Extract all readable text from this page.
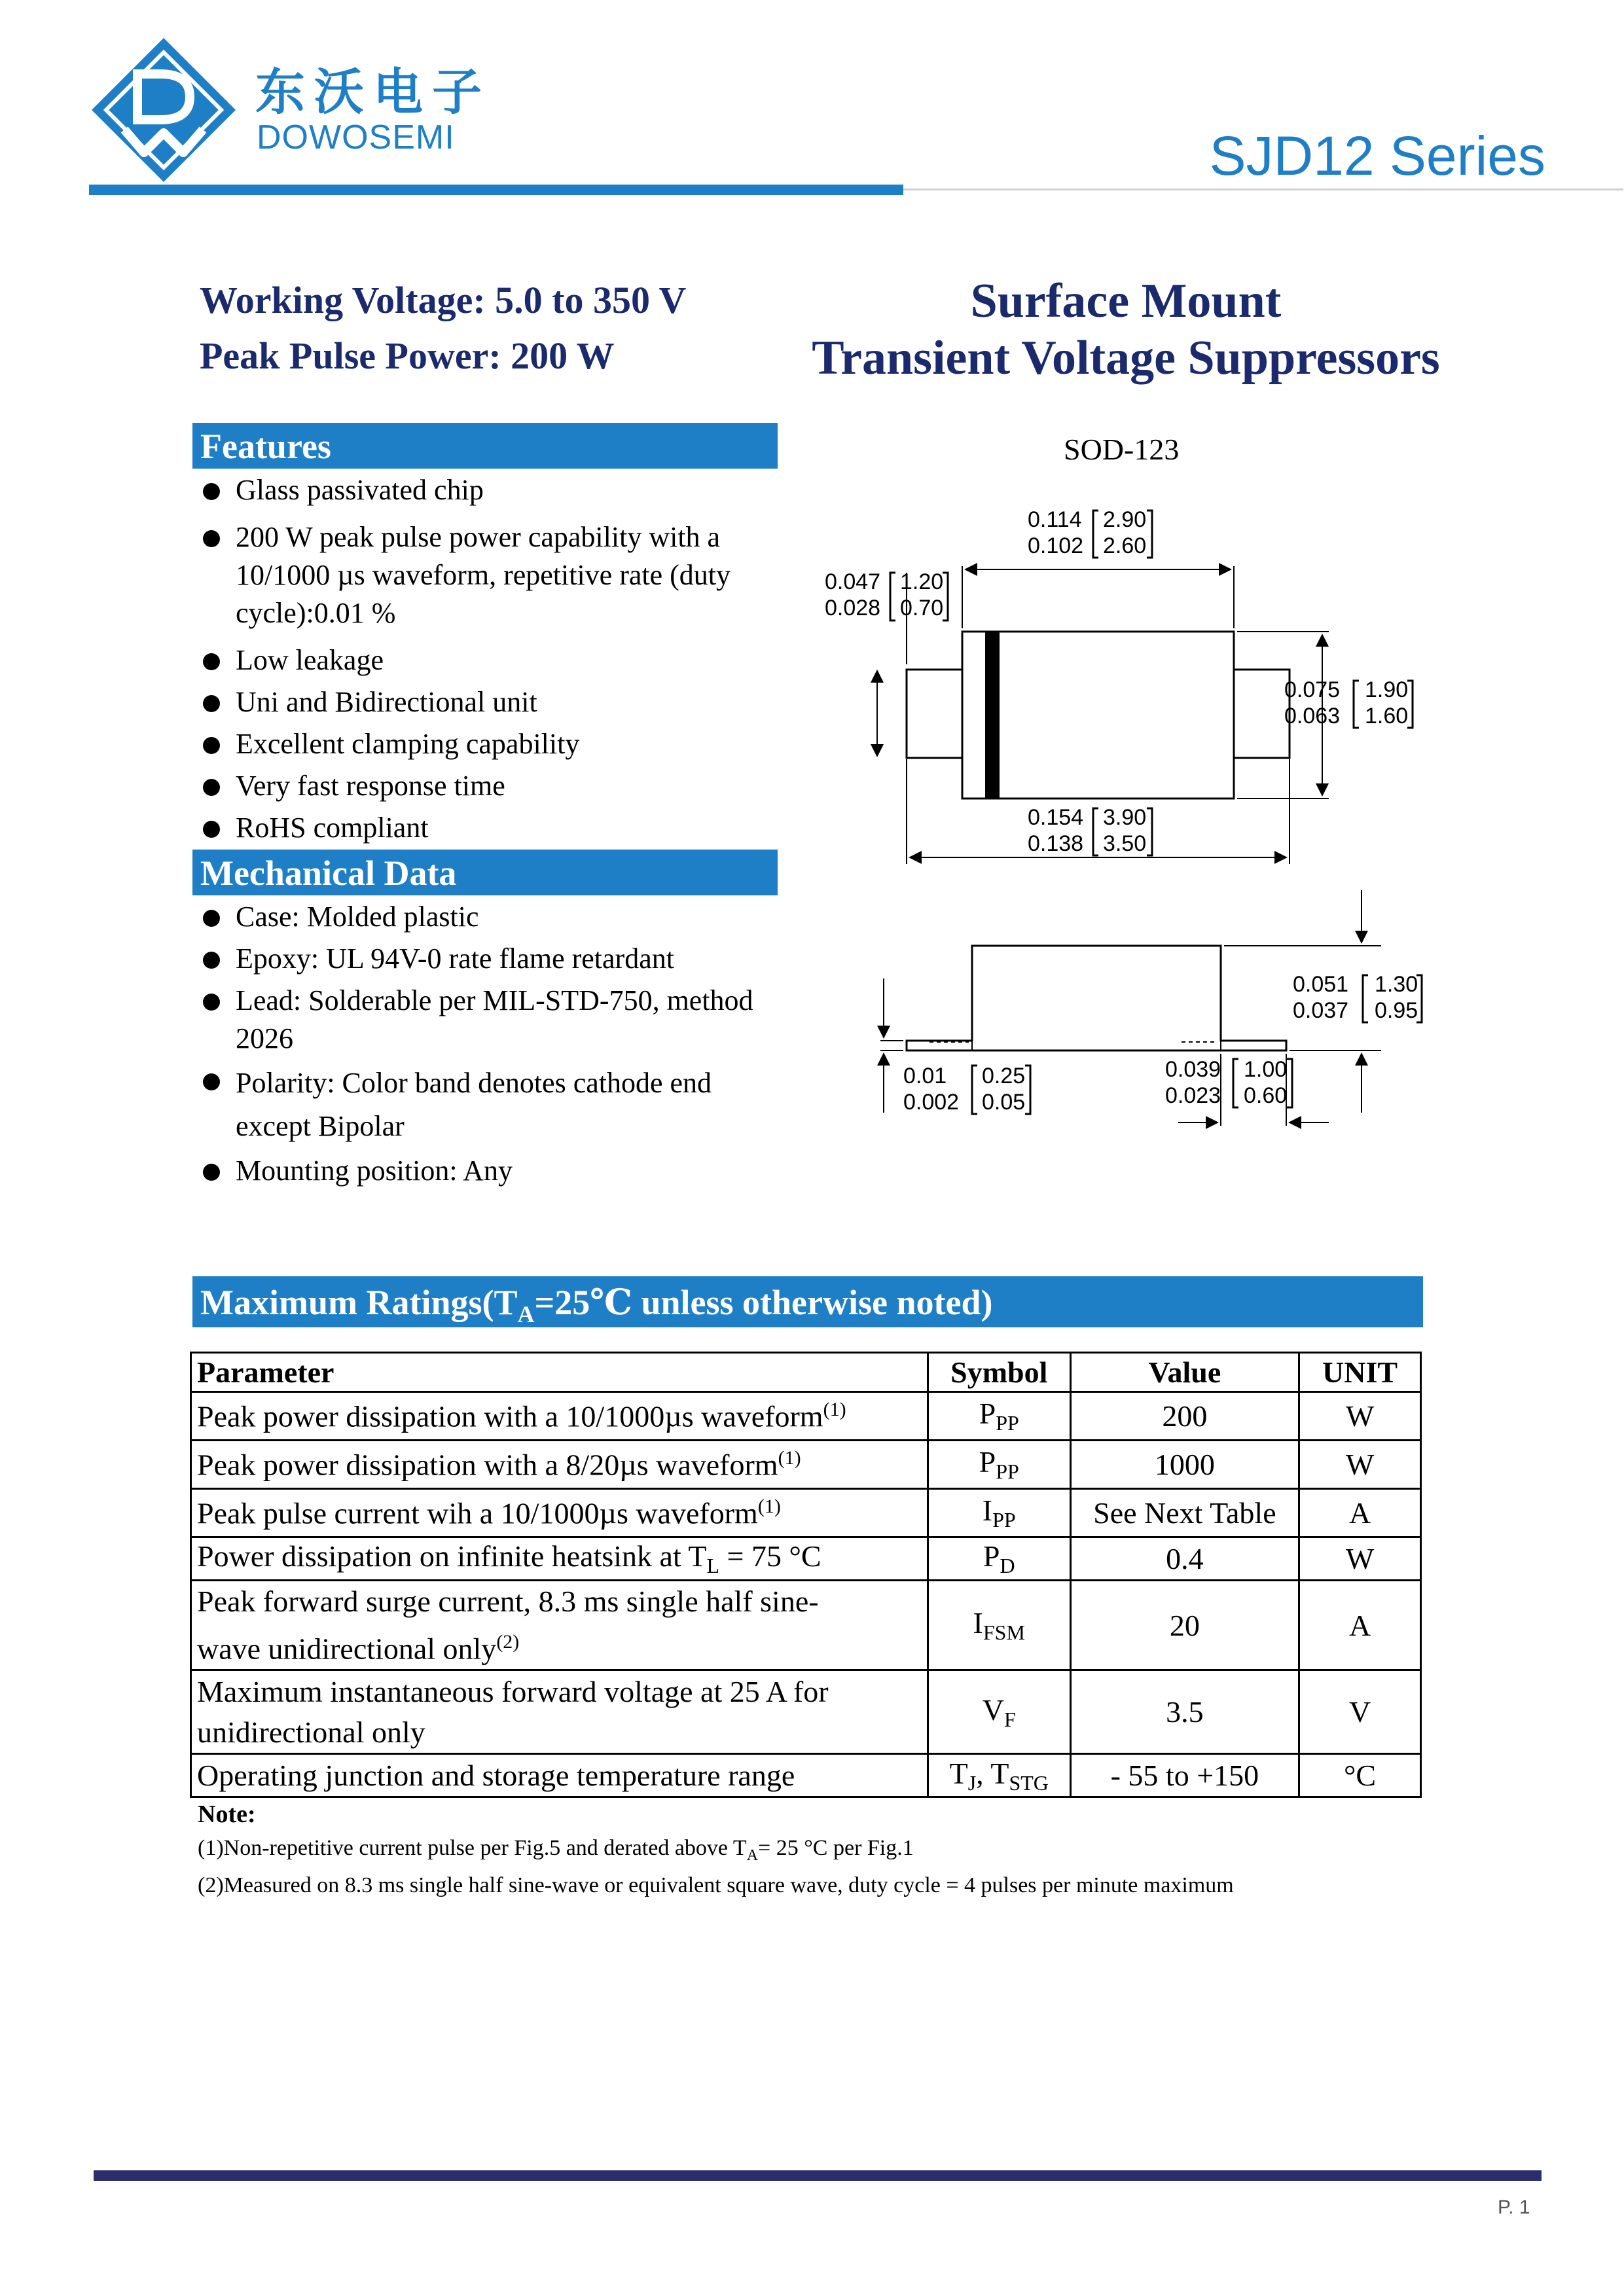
东沃电子
DOWOSEMI	SJD12 Series
Working Voltage: 5.0 to 350 V
Peak Pulse Power: 200 W
Surface Mount
Transient Voltage Suppressors
Features
Glass passivated chip
200 W peak pulse power capability with a 10/1000 µs waveform, repetitive rate (duty cycle):0.01 %
Low leakage
Uni and Bidirectional unit
Excellent clamping capability
Very fast response time
RoHS compliant
Mechanical Data
Case: Molded plastic
Epoxy: UL 94V-0 rate flame retardant
Lead: Solderable per MIL-STD-750, method 2026
Polarity: Color band denotes cathode end except Bipolar
Mounting position: Any
SOD-123
0.114
0.102
2.90
2.60
0.047
0.028
1.20
0.70
0.075
0.063
1.90
1.60
0.154
0.138
3.90
3.50
0.051
0.037
1.30
0.95
0.01
0.002
0.25
0.05
0.039
0.023
1.00
0.60
Maximum $Ratings(T_A=25℃$ unless otherwise noted)
Parameter	Symbol	Value	UNIT
Peak power dissipation with a 10/1000µs waveform$^{(1)}$	$P_{PP}$	200	W
Peak power dissipation with a 8/20µs waveform$^{(1)}$	$P_{PP}$	1000	W
Peak pulse current wih a 10/1000µs waveform$^{(1)}$	$I_{PP}$	See Next Table	A
Power dissipation on infinite heatsink at $T_L = 75$ °C	$P_D$	0.4	W
Peak forward surge current, 8.3 ms single half sine-
wave unidirectional only$^{(2)}$	$I_{FSM}$	20	A
Maximum instantaneous forward voltage at 25 A for
unidirectional only	$V_F$	3.5	V
Operating junction and storage temperature range	$T_J$, $T_{STG}$	- 55 to +150	°C
Note:
(1)Non-repetitive current pulse per Fig.5 and derated above $T_A= 25$ °C per Fig.1
(2)Measured on 8.3 ms single half sine-wave or equivalent square wave, duty cycle = 4 pulses per minute maximum
P. 1
